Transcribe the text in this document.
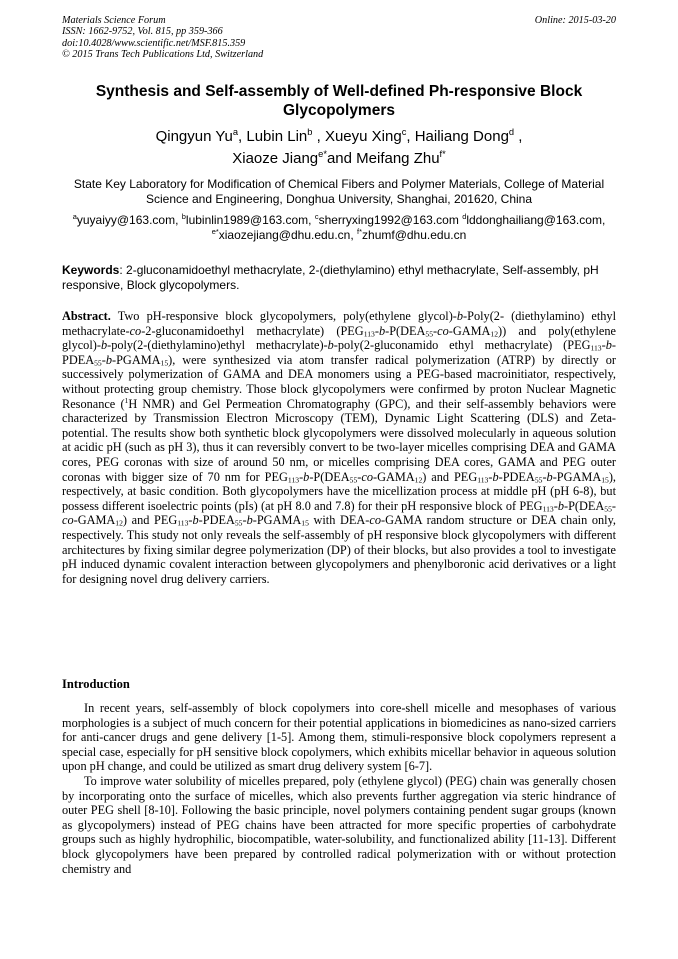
Materials Science Forum
ISSN: 1662-9752, Vol. 815, pp 359-366
doi:10.4028/www.scientific.net/MSF.815.359
© 2015 Trans Tech Publications Ltd, Switzerland
Online: 2015-03-20
Synthesis and Self-assembly of Well-defined Ph-responsive Block Glycopolymers
Qingyun Yu$^a$, Lubin Lin$^b$ , Xueyu Xing$^c$, Hailiang Dong$^d$ ,
Xiaoze Jiang$^{e*}$and Meifang Zhu$^{f*}$
State Key Laboratory for Modification of Chemical Fibers and Polymer Materials, College of Material Science and Engineering, Donghua University, Shanghai, 201620, China
$^a$yuyaiyy@163.com, $^b$lubinlin1989@163.com, $^c$sherryxing1992@163.com $^d$lddonghailiang@163.com,
$^{e*}$xiaozejiang@dhu.edu.cn, $^{f*}$zhumf@dhu.edu.cn
Keywords: 2-gluconamidoethyl methacrylate, 2-(diethylamino) ethyl methacrylate, Self-assembly, pH responsive, Block glycopolymers.
Abstract. Two pH-responsive block glycopolymers, poly(ethylene glycol)-b-Poly(2- (diethylamino) ethyl methacrylate-co-2-gluconamidoethyl methacrylate) $(PEG_{113}-b-P(DEA_{55}-co-GAMA_{12}))$ and poly(ethylene glycol)-b-poly(2-(diethylamino)ethyl methacrylate)-b-poly(2-gluconamido ethyl methacrylate) $(PEG_{113}-b-PDEA_{55}-b-PGAMA_{15})$, were synthesized via atom transfer radical polymerization (ATRP) by directly or successively polymerization of GAMA and DEA monomers using a PEG-based macroinitiator, respectively, without protecting group chemistry. Those block glycopolymers were confirmed by proton Nuclear Magnetic Resonance ($^1$H NMR) and Gel Permeation Chromatography (GPC), and their self-assembly behaviors were characterized by Transmission Electron Microscopy (TEM), Dynamic Light Scattering (DLS) and Zeta-potential. The results show both synthetic block glycopolymers were dissolved molecularly in aqueous solution at acidic pH (such as pH 3), thus it can reversibly convert to be two-layer micelles comprising DEA and GAMA cores, PEG coronas with size of around 50 nm, or micelles comprising DEA cores, GAMA and PEG outer coronas with bigger size of 70 nm for $PEG_{113}-b-P(DEA_{55}-co-GAMA_{12})$ and $PEG_{113}-b-PDEA_{55}-b-PGAMA_{15}$), respectively, at basic condition. Both glycopolymers have the micellization process at middle pH (pH 6-8), but possess different isoelectric points (pIs) (at pH 8.0 and 7.8) for their pH responsive block of $PEG_{113}-b-P(DEA_{55}-co-GAMA_{12})$ and $PEG_{113}-b-PDEA_{55}-b-PGAMA_{15}$ with DEA-co-GAMA random structure or DEA chain only, respectively. This study not only reveals the self-assembly of pH responsive block glycopolymers with different architectures by fixing similar degree polymerization (DP) of their blocks, but also provides a tool to investigate pH induced dynamic covalent interaction between glycopolymers and phenylboronic acid derivatives or a light for designing novel drug delivery carriers.
Introduction

In recent years, self-assembly of block copolymers into core-shell micelle and mesophases of various morphologies is a subject of much concern for their potential applications in biomedicines as nano-sized carriers for anti-cancer drugs and gene delivery [1-5]. Among them, stimuli-responsive block copolymers represent a special case, especially for pH sensitive block copolymers, which exhibits micellar behavior in aqueous solution upon pH change, and could be utilized as smart drug delivery system [6-7].

To improve water solubility of micelles prepared, poly (ethylene glycol) (PEG) chain was generally chosen by incorporating onto the surface of micelles, which also prevents further aggregation via steric hindrance of outer PEG shell [8-10]. Following the basic principle, novel polymers containing pendent sugar groups (known as glycopolymers) instead of PEG chains have been attracted for more specific properties of carbohydrate groups such as highly hydrophilic, biocompatible, water-solubility, and functionalized ability [11-13]. Different block glycopolymers have been prepared by controlled radical polymerization with or without protection chemistry and
